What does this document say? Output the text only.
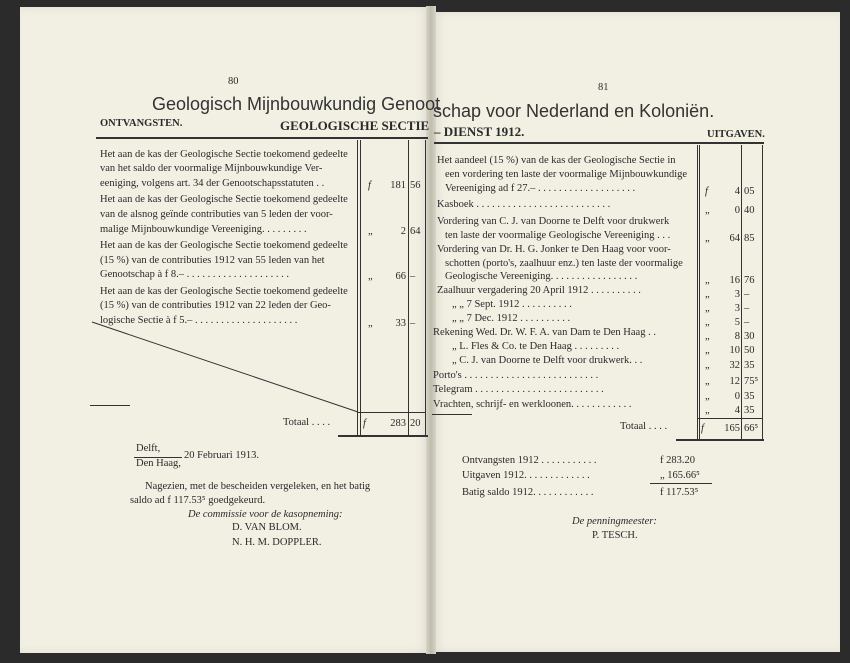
80
81
Geologisch Mijnbouwkundig Genoot
schap voor Nederland en Koloniën.
ONTVANGSTEN.	GEOLOGISCHE SECTIE – DIENST 1912.	UITGAVEN.
Het aan de kas der Geologische Sectie toekomend gedeelte
van het saldo der voormalige Mijnbouwkundige Ver-
eeniging, volgens art. 34 der Genootschapsstatuten . .	f	181 56
Het aan de kas der Geologische Sectie toekomend gedeelte
van de alsnog geïnde contributies van 5 leden der voor-
malige Mijnbouwkundige Vereeniging. . . . . . . . .	„	2 64
Het aan de kas der Geologische Sectie toekomend gedeelte
(15 %) van de contributies 1912 van 55 leden van het
Genootschap à f 8.– . . . . . . . . . . . . . . . . . . . .	„	66 –
Het aan de kas der Geologische Sectie toekomend gedeelte
(15 %) van de contributies 1912 van 22 leden der Geo-
logische Sectie à f 5.– . . . . . . . . . . . . . . . . . . . .	„	33 –
Totaal . . . .	f	283 20
Het aandeel (15 %) van de kas der Geologische Sectie in
een vordering ten laste der voormalige Mijnbouwkundige
Vereeniging ad f 27.– . . . . . . . . . . . . . . . . . . .	f	4 05
Kasboek . . . . . . . . . . . . . . . . . . . . . . . . . .
„	0 40
Vordering van C. J. van Doorne te Delft voor drukwerk
ten laste der voormalige Geologische Vereeniging . . .	„	64 85
Vordering van Dr. H. G. Jonker te Den Haag voor voor-
schotten (porto's, zaalhuur enz.) ten laste der voormalige
Geologische Vereeniging. . . . . . . . . . . . . . . . .	„	16 76
Zaalhuur vergadering 20 April 1912 . . . . . . . . . .	„	3 –
„ „ 7 Sept. 1912 . . . . . . . . . .	„	3 –
„ „ 7 Dec. 1912 . . . . . . . . . .	„	5 –
Rekening Wed. Dr. W. F. A. van Dam te Den Haag . .	„	8 30
„ L. Fles & Co. te Den Haag . . . . . . . . .	„	10 50
„ C. J. van Doorne te Delft voor drukwerk. . .	„	32 35
Porto's . . . . . . . . . . . . . . . . . . . . . . . . . .
„	12 75⁵
Telegram . . . . . . . . . . . . . . . . . . . . . . . . .
„	0 35
Vrachten, schrijf- en werkloonen. . . . . . . . . . . .
„	4 35
Totaal . . . .	f	165 66⁵
Delft,
Den Haag,
20 Februari 1913.
Nagezien, met de bescheiden vergeleken, en het batig
saldo ad f 117.53⁵ goedgekeurd.
De commissie voor de kasopneming:
D. VAN BLOM.
N. H. M. DOPPLER.
Ontvangsten 1912 . . . . . . . . . . .	f 283.20
Uitgaven 1912. . . . . . . . . . . . .	„ 165.66⁵
Batig saldo 1912. . . . . . . . . . . .	f 117.53⁵
De penningmeester:
P. TESCH.
